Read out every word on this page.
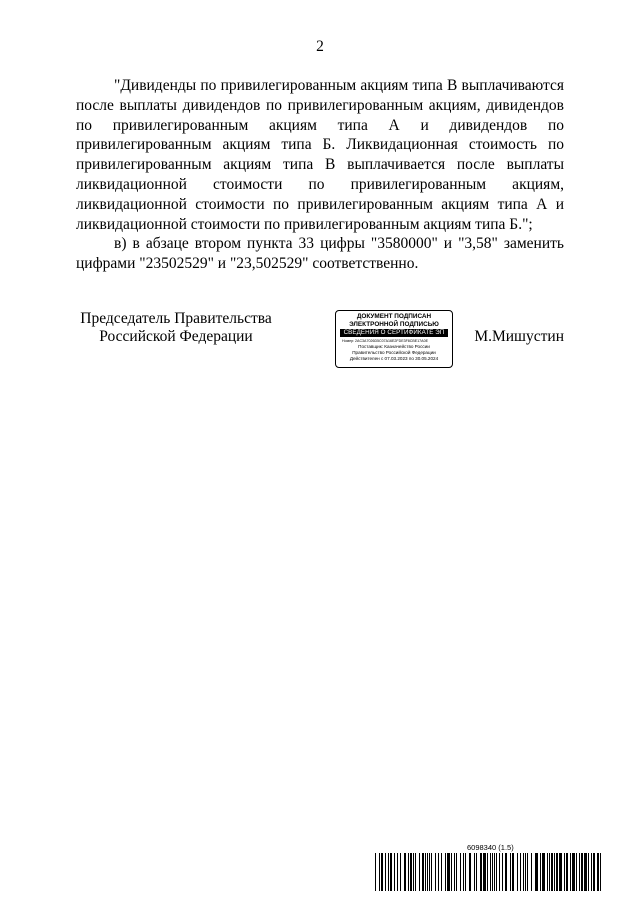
2

"Дивиденды по привилегированным акциям типа В выплачиваются после выплаты дивидендов по привилегированным акциям, дивидендов по привилегированным акциям типа А и дивидендов по привилегированным акциям типа Б. Ликвидационная стоимость по привилегированным акциям типа В выплачивается после выплаты ликвидационной стоимости по привилегированным акциям, ликвидационной стоимости по привилегированным акциям типа А и ликвидационной стоимости по привилегированным акциям типа Б.";

в) в абзаце втором пункта 33 цифры "3580000" и "3,58" заменить цифрами "23502529" и "23,502529" соответственно.

Председатель Правительства
Российской Федерации
ДОКУМЕНТ ПОДПИСАН
ЭЛЕКТРОННОЙ ПОДПИСЬЮ
СВЕДЕНИЯ О СЕРТИФИКАТЕ ЭП
Номер: 2AC3A7026D5C07A16E2FDE3F8CBE17A0E
Поставщик: Казначейство России
Правительство Российской Федерации
Действителен с 07.03.2023 по 30.05.2024
М.Мишустин
6098340 (1.5)
